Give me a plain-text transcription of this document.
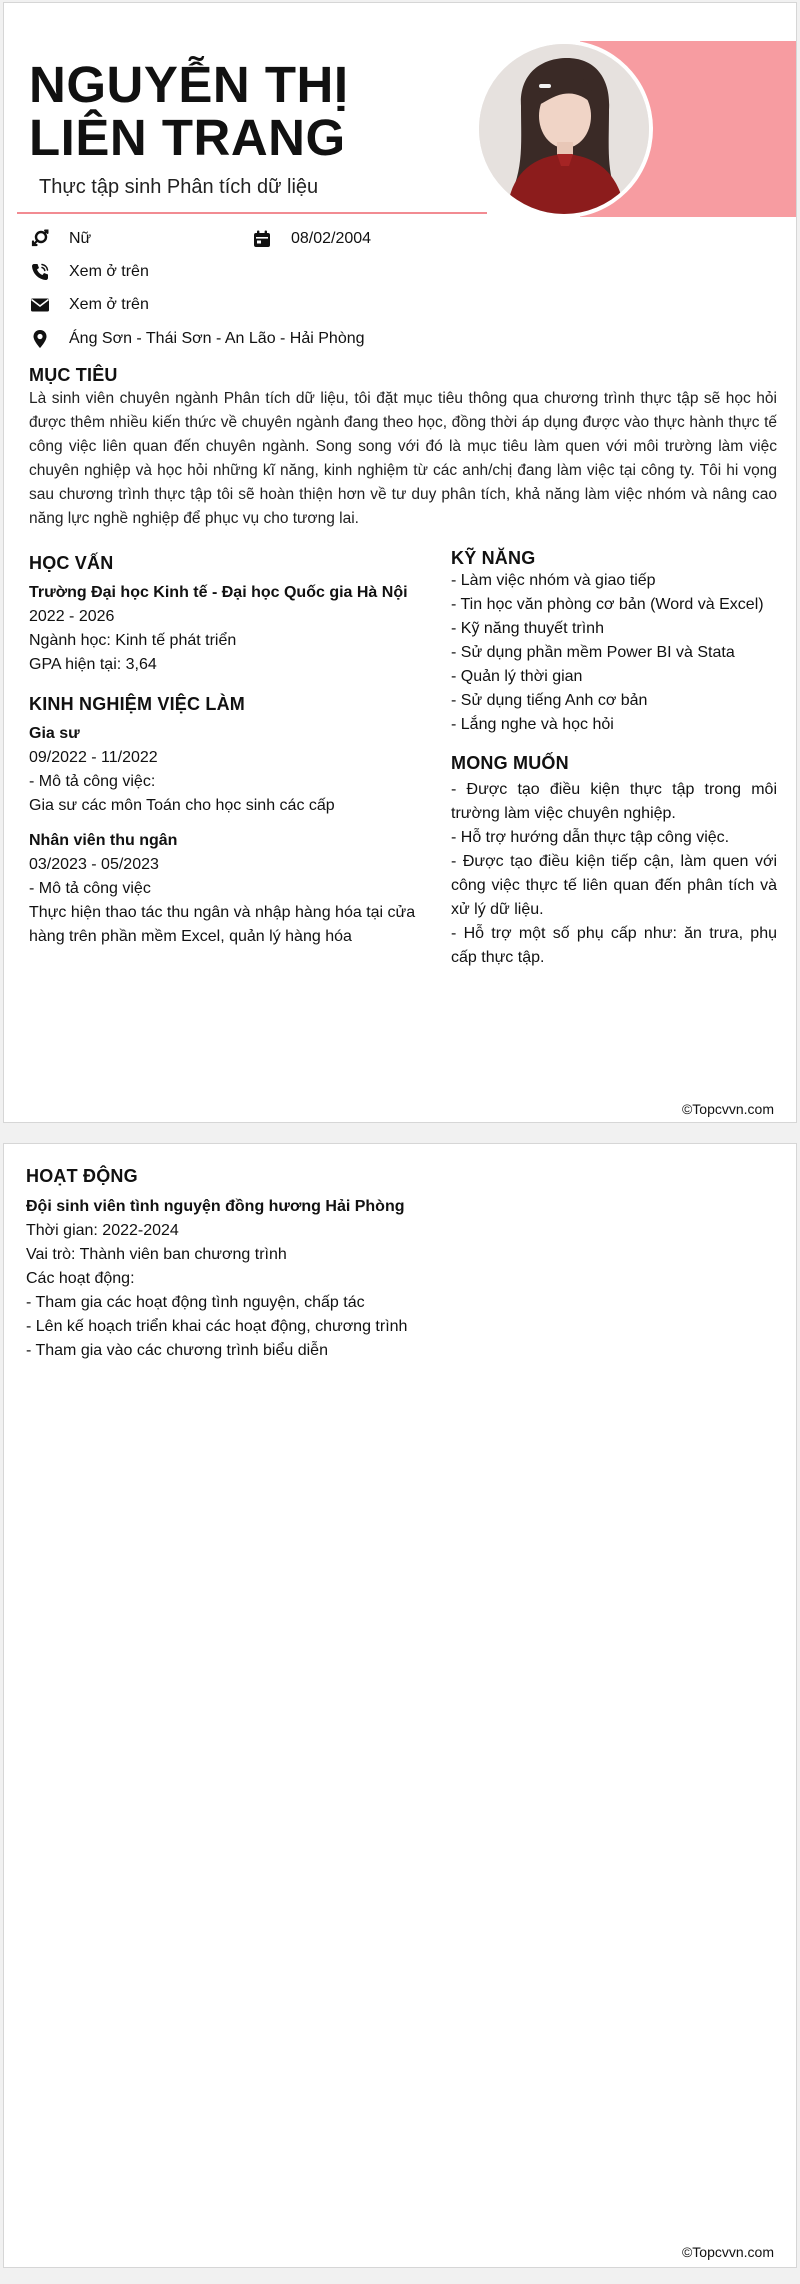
NGUYỄN THỊ LIÊN TRANG
Thực tập sinh Phân tích dữ liệu
Nữ	08/02/2004
Xem ở trên
Xem ở trên
Áng Sơn - Thái Sơn - An Lão - Hải Phòng
MỤC TIÊU
Là sinh viên chuyên ngành Phân tích dữ liệu, tôi đặt mục tiêu thông qua chương trình thực tập sẽ học hỏi được thêm nhiều kiến thức về chuyên ngành đang theo học, đồng thời áp dụng được vào thực hành thực tế công việc liên quan đến chuyên ngành. Song song với đó là mục tiêu làm quen với môi trường làm việc chuyên nghiệp và học hỏi những kĩ năng, kinh nghiệm từ các anh/chị đang làm việc tại công ty. Tôi hi vọng sau chương trình thực tập tôi sẽ hoàn thiện hơn về tư duy phân tích, khả năng làm việc nhóm và nâng cao năng lực nghề nghiệp để phục vụ cho tương lai.
HỌC VẤN
Trường Đại học Kinh tế - Đại học Quốc gia Hà Nội
2022 - 2026
Ngành học: Kinh tế phát triển
GPA hiện tại: 3,64
KINH NGHIỆM VIỆC LÀM
Gia sư
09/2022 - 11/2022
- Mô tả công việc:
Gia sư các môn Toán cho học sinh các cấp
Nhân viên thu ngân
03/2023 - 05/2023
- Mô tả công việc
Thực hiện thao tác thu ngân và nhập hàng hóa tại cửa hàng trên phần mềm Excel, quản lý hàng hóa
KỸ NĂNG
- Làm việc nhóm và giao tiếp
- Tin học văn phòng cơ bản (Word và Excel)
- Kỹ năng thuyết trình
- Sử dụng phần mềm Power BI và Stata
- Quản lý thời gian
- Sử dụng tiếng Anh cơ bản
- Lắng nghe và học hỏi
MONG MUỐN
- Được tạo điều kiện thực tập trong môi trường làm việc chuyên nghiệp.
- Hỗ trợ hướng dẫn thực tập công việc.
- Được tạo điều kiện tiếp cận, làm quen với công việc thực tế liên quan đến phân tích và xử lý dữ liệu.
- Hỗ trợ một số phụ cấp như: ăn trưa, phụ cấp thực tập.
©Topcvvn.com
HOẠT ĐỘNG
Đội sinh viên tình nguyện đồng hương Hải Phòng
Thời gian: 2022-2024
Vai trò: Thành viên ban chương trình
Các hoạt động:
- Tham gia các hoạt động tình nguyện, chấp tác
- Lên kế hoạch triển khai các hoạt động, chương trình
- Tham gia vào các chương trình biểu diễn
©Topcvvn.com
